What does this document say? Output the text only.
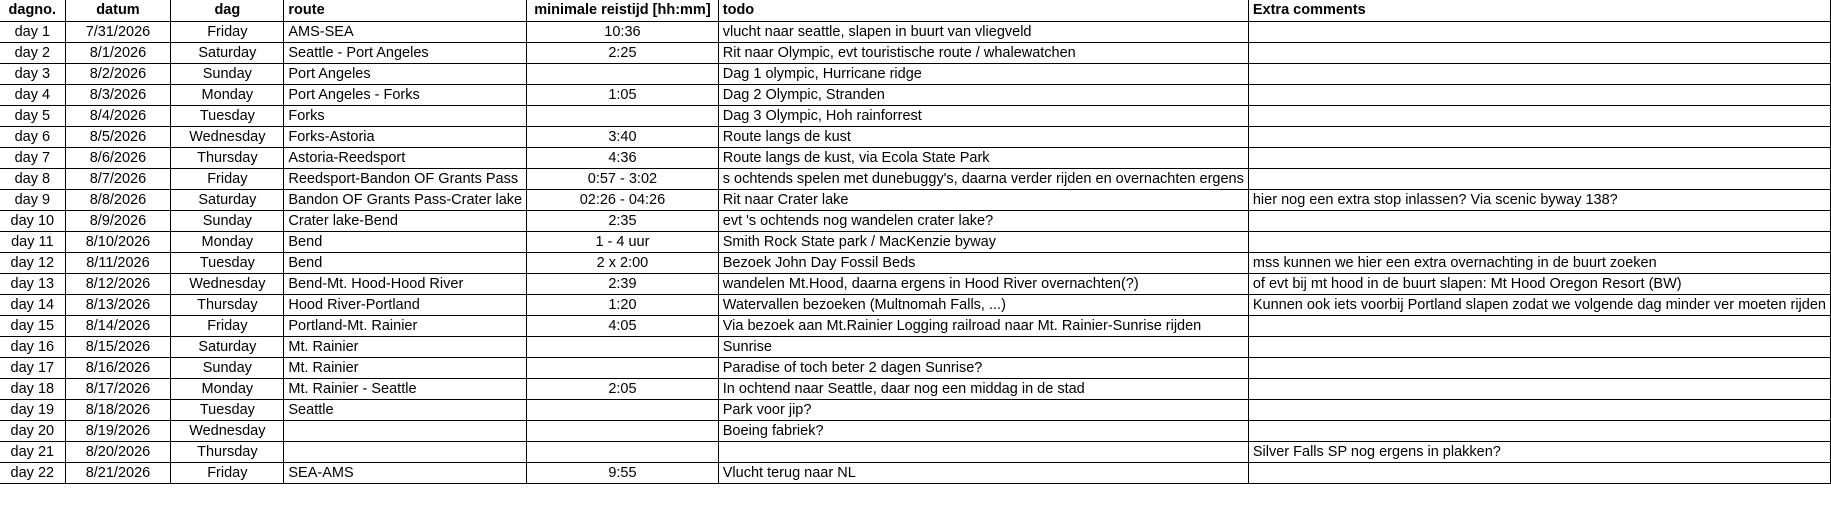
dagno.	datum	dag	route	minimale reistijd [hh:mm]	todo	Extra comments
day 1	7/31/2026	Friday	AMS-SEA	10:36	vlucht naar seattle, slapen in buurt van vliegveld	
day 2	8/1/2026	Saturday	Seattle - Port Angeles	2:25	Rit naar Olympic, evt touristische route / whalewatchen	
day 3	8/2/2026	Sunday	Port Angeles		Dag 1 olympic, Hurricane ridge	
day 4	8/3/2026	Monday	Port Angeles - Forks	1:05	Dag 2 Olympic, Stranden	
day 5	8/4/2026	Tuesday	Forks		Dag 3 Olympic, Hoh rainforrest	
day 6	8/5/2026	Wednesday	Forks-Astoria	3:40	Route langs de kust	
day 7	8/6/2026	Thursday	Astoria-Reedsport	4:36	Route langs de kust, via Ecola State Park	
day 8	8/7/2026	Friday	Reedsport-Bandon OF Grants Pass	0:57 - 3:02	s ochtends spelen met dunebuggy's, daarna verder rijden en overnachten ergens	
day 9	8/8/2026	Saturday	Bandon OF Grants Pass-Crater lake	02:26 - 04:26	Rit naar Crater lake	hier nog een extra stop inlassen? Via scenic byway 138?
day 10	8/9/2026	Sunday	Crater lake-Bend	2:35	evt 's ochtends nog wandelen crater lake?	
day 11	8/10/2026	Monday	Bend	1 - 4 uur	Smith Rock State park / MacKenzie byway	
day 12	8/11/2026	Tuesday	Bend	2 x 2:00	Bezoek John Day Fossil Beds	mss kunnen we hier een extra overnachting in de buurt zoeken
day 13	8/12/2026	Wednesday	Bend-Mt. Hood-Hood River	2:39	wandelen Mt.Hood, daarna ergens in Hood River overnachten(?)	of evt bij mt hood in de buurt slapen: Mt Hood Oregon Resort (BW)
day 14	8/13/2026	Thursday	Hood River-Portland	1:20	Watervallen bezoeken (Multnomah Falls, ...)	Kunnen ook iets voorbij Portland slapen zodat we volgende dag minder ver moeten rijden
day 15	8/14/2026	Friday	Portland-Mt. Rainier	4:05	Via bezoek aan Mt.Rainier Logging railroad naar Mt. Rainier-Sunrise rijden	
day 16	8/15/2026	Saturday	Mt. Rainier		Sunrise	
day 17	8/16/2026	Sunday	Mt. Rainier		Paradise of toch beter 2 dagen Sunrise?	
day 18	8/17/2026	Monday	Mt. Rainier - Seattle	2:05	In ochtend naar Seattle, daar nog een middag in de stad	
day 19	8/18/2026	Tuesday	Seattle		Park voor jip?	
day 20	8/19/2026	Wednesday			Boeing fabriek?	
day 21	8/20/2026	Thursday				Silver Falls SP nog ergens in plakken?
day 22	8/21/2026	Friday	SEA-AMS	9:55	Vlucht terug naar NL	
